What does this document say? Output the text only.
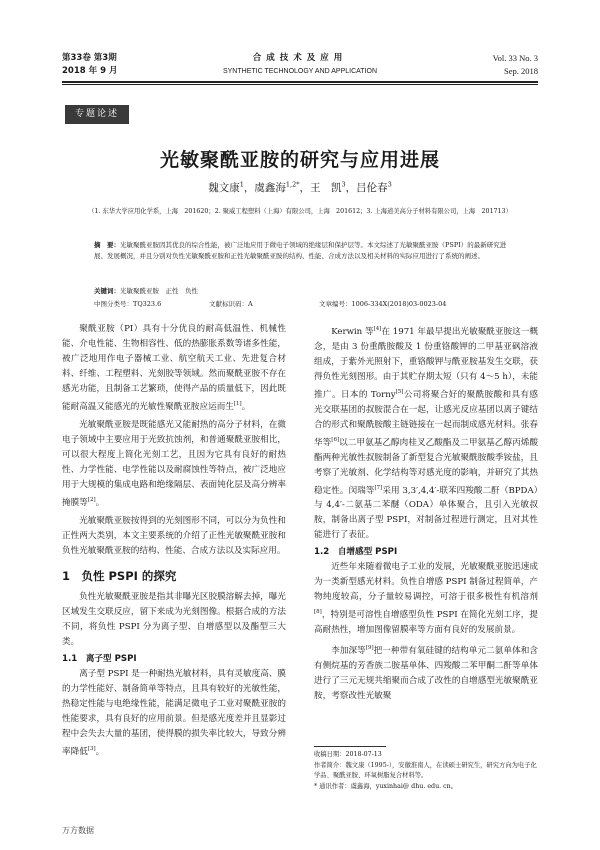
第33卷 第3期
2018 年 9 月
合成技术及应用
SYNTHETIC TECHNOLOGY AND APPLICATION
Vol. 33 No. 3
Sep. 2018
专题论述
光敏聚酰亚胺的研究与应用进展
魏文康$^1$，虞鑫海$^{1,2*}$，王　凯$^3$，吕伦春$^3$
（1. 东华大学应用化学系，上海　201620；2. 聚威工程塑料（上海）有限公司，上海　201612；3. 上海道美高分子材料有限公司，上海　201713）
摘　要：光敏聚酰亚胺因其优良的综合性能，被广泛地应用于微电子领域的绝缘层和保护层等。本文综述了光敏聚酰亚胺（PSPI）的最新研究进展、发展概况，并且分别对负性光敏聚酰亚胺和正性光敏聚酰亚胺的结构、性能、合成方法以及相关材料的实际应用进行了系统的阐述。
关键词：光敏聚酰亚胺　正性　负性
中图分类号：TQ323.6	文献标识码：A	文章编号：1006-334X(2018)03-0023-04

聚酰亚胺（PI）具有十分优良的耐高低温性、机械性能、介电性能、生物相容性、低的热膨胀系数等诸多性能，被广泛地用作电子器械工业、航空航天工业、先进复合材料、纤维、工程塑料、光刻胶等领域。然而聚酰亚胺不存在感光功能，且制备工艺繁琐，使得产品的质量低下，因此既能耐高温又能感光的光敏性聚酰亚胺应运而生[1]。

光敏聚酰亚胺是既能感光又能耐热的高分子材料，在微电子领域中主要应用于光致抗蚀剂，和普通聚酰亚胺相比，可以很大程度上简化光刻工艺，且因为它具有良好的耐热性、力学性能、电学性能以及耐腐蚀性等特点，被广泛地应用于大规模的集成电路和绝缘隔层、表面钝化层及高分辨率掩膜等[2]。

光敏聚酰亚胺按得到的光刻图形不同，可以分为负性和正性两大类别，本文主要系统的介绍了正性光敏聚酰亚胺和负性光敏聚酰亚胺的结构、性能、合成方法以及实际应用。

1　负性 PSPI 的探究

负性光敏聚酰亚胺是指其非曝光区胶膜溶解去掉，曝光区域发生交联反应，留下来成为光刻图像。根据合成的方法不同，将负性 PSPI 分为离子型、自增感型以及酯型三大类。

1.1　离子型 PSPI

离子型 PSPI 是一种耐热光敏材料，具有灵敏度高、膜的力学性能好、制备简单等特点，且具有较好的光敏性能，热稳定性能与电绝缘性能，能满足微电子工业对聚酰亚胺的性能要求，具有良好的应用前景。但是感光度差并且显影过程中会失去大量的基团，使得膜的损失率比较大，导致分辨率降低[3]。

Kerwin 等[4]在 1971 年最早提出光敏聚酰亚胺这一概念，是由 3 份重酰胺酸及 1 份重铬酸钾的二甲基亚砜溶液组成，于紫外光照射下，重铬酸钾与酰亚胺基发生交联，获得负性光刻图形。由于其贮存期太短（只有 4～5 h），未能推广。日本的 Torny[5]公司将聚合好的聚酰胺酸和具有感光交联基团的叔胺混合在一起，让感光反应基团以离子键结合的形式和聚酰胺酸主链链接在一起而制成感光材料。张春华等[6]以二甲氨基乙醇肉桂叉乙酸酯及二甲氨基乙醇丙烯酸酯两种光敏性叔胺制备了新型复合光敏聚酰胺酸季铵盐，且考察了光敏剂、化学结构等对感光度的影响，并研究了其热稳定性。闵瑞等[7]采用 3,3′,4,4′-联苯四羧酸二酐（BPDA）与 4,4′-二氨基二苯醚（ODA）单体聚合，且引入光敏叔胺，制备出离子型 PSPI，对制备过程进行测定，且对其性能进行了表征。

1.2　自增感型 PSPI

近些年来随着微电子工业的发展，光敏聚酰亚胺迅速成为一类新型感光材料。负性自增感 PSPI 制备过程简单，产物纯度较高，分子量较易调控，可溶于很多极性有机溶剂[8]，特别是可溶性自增感型负性 PSPI 在简化光刻工序，提高耐热性，增加图像留膜率等方面有良好的发展前景。

李加深等[9]把一种带有氧硅键的结构单元二氨单体和含有侧烷基的芳香族二胺基单体、四羧酸二苯甲酮二酐等单体进行了三元无规共缩聚而合成了改性的自增感型光敏聚酰亚胺，考察改性光敏聚

收稿日期：2018-07-13

作者简介：魏文康（1995-），安徽淮南人，在读硕士研究生，研究方向为电子化学品、聚酰亚胺、环氧树脂复合材料等。

* 通讯作者：虞鑫海，yuxinhai@ dhu. edu. cn。

万方数据
